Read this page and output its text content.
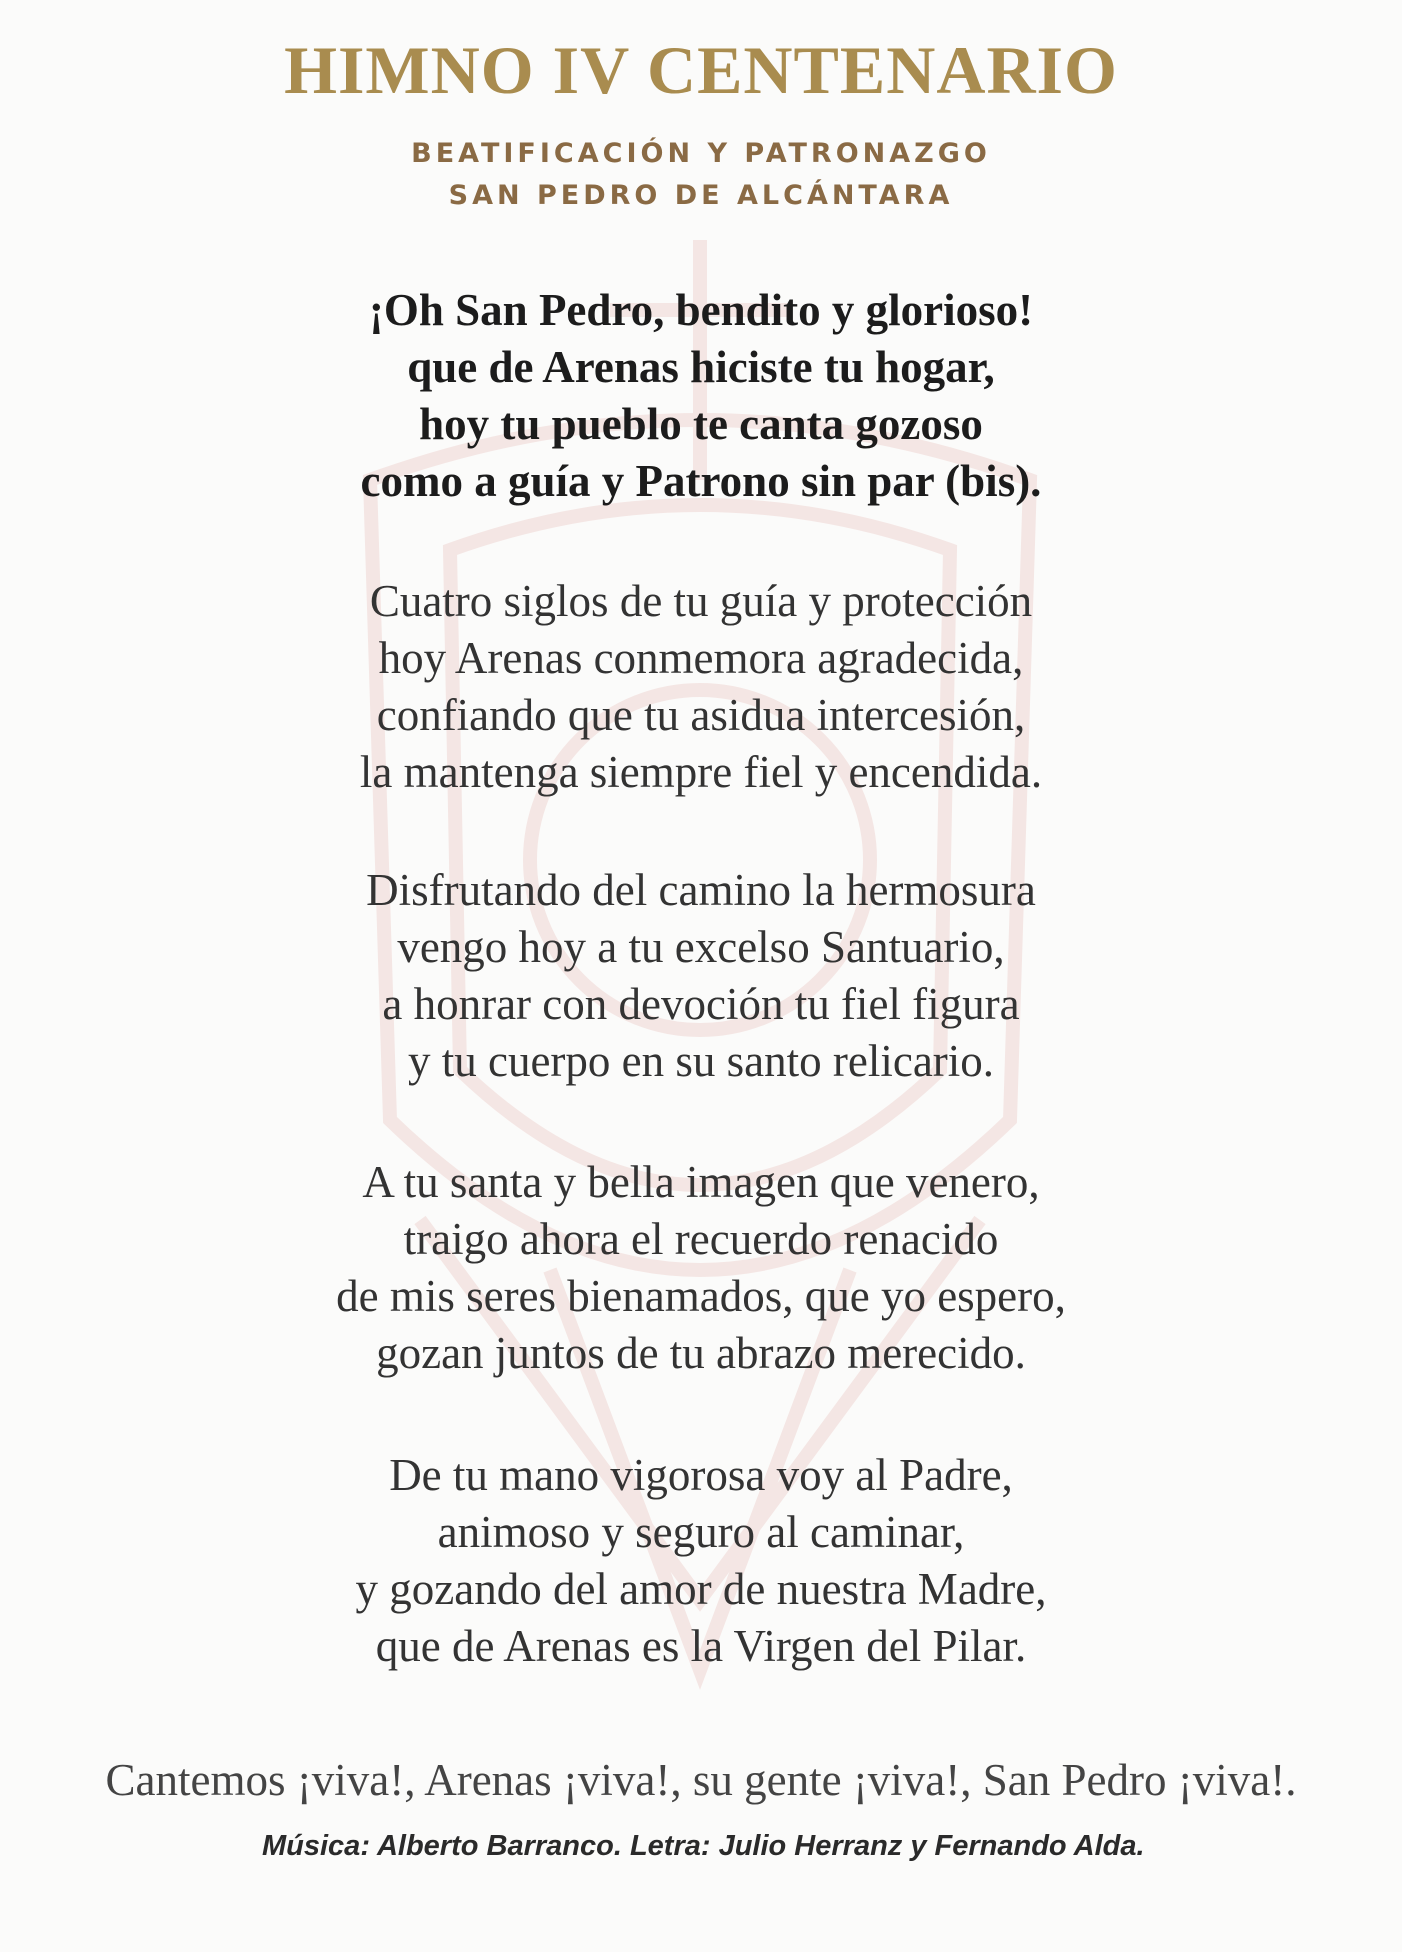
HIMNO IV CENTENARIO
BEATIFICACIÓN Y PATRONAZGO
SAN PEDRO DE ALCÁNTARA
¡Oh San Pedro, bendito y glorioso!
que de Arenas hiciste tu hogar,
hoy tu pueblo te canta gozoso
como a guía y Patrono sin par (bis).
Cuatro siglos de tu guía y protección
hoy Arenas conmemora agradecida,
confiando que tu asidua intercesión,
la mantenga siempre fiel y encendida.
Disfrutando del camino la hermosura
vengo hoy a tu excelso Santuario,
a honrar con devoción tu fiel figura
y tu cuerpo en su santo relicario.
A tu santa y bella imagen que venero,
traigo ahora el recuerdo renacido
de mis seres bienamados, que yo espero,
gozan juntos de tu abrazo merecido.
De tu mano vigorosa voy al Padre,
animoso y seguro al caminar,
y gozando del amor de nuestra Madre,
que de Arenas es la Virgen del Pilar.
Cantemos ¡viva!, Arenas ¡viva!, su gente ¡viva!, San Pedro ¡viva!.
Música: Alberto Barranco. Letra: Julio Herranz y Fernando Alda.
